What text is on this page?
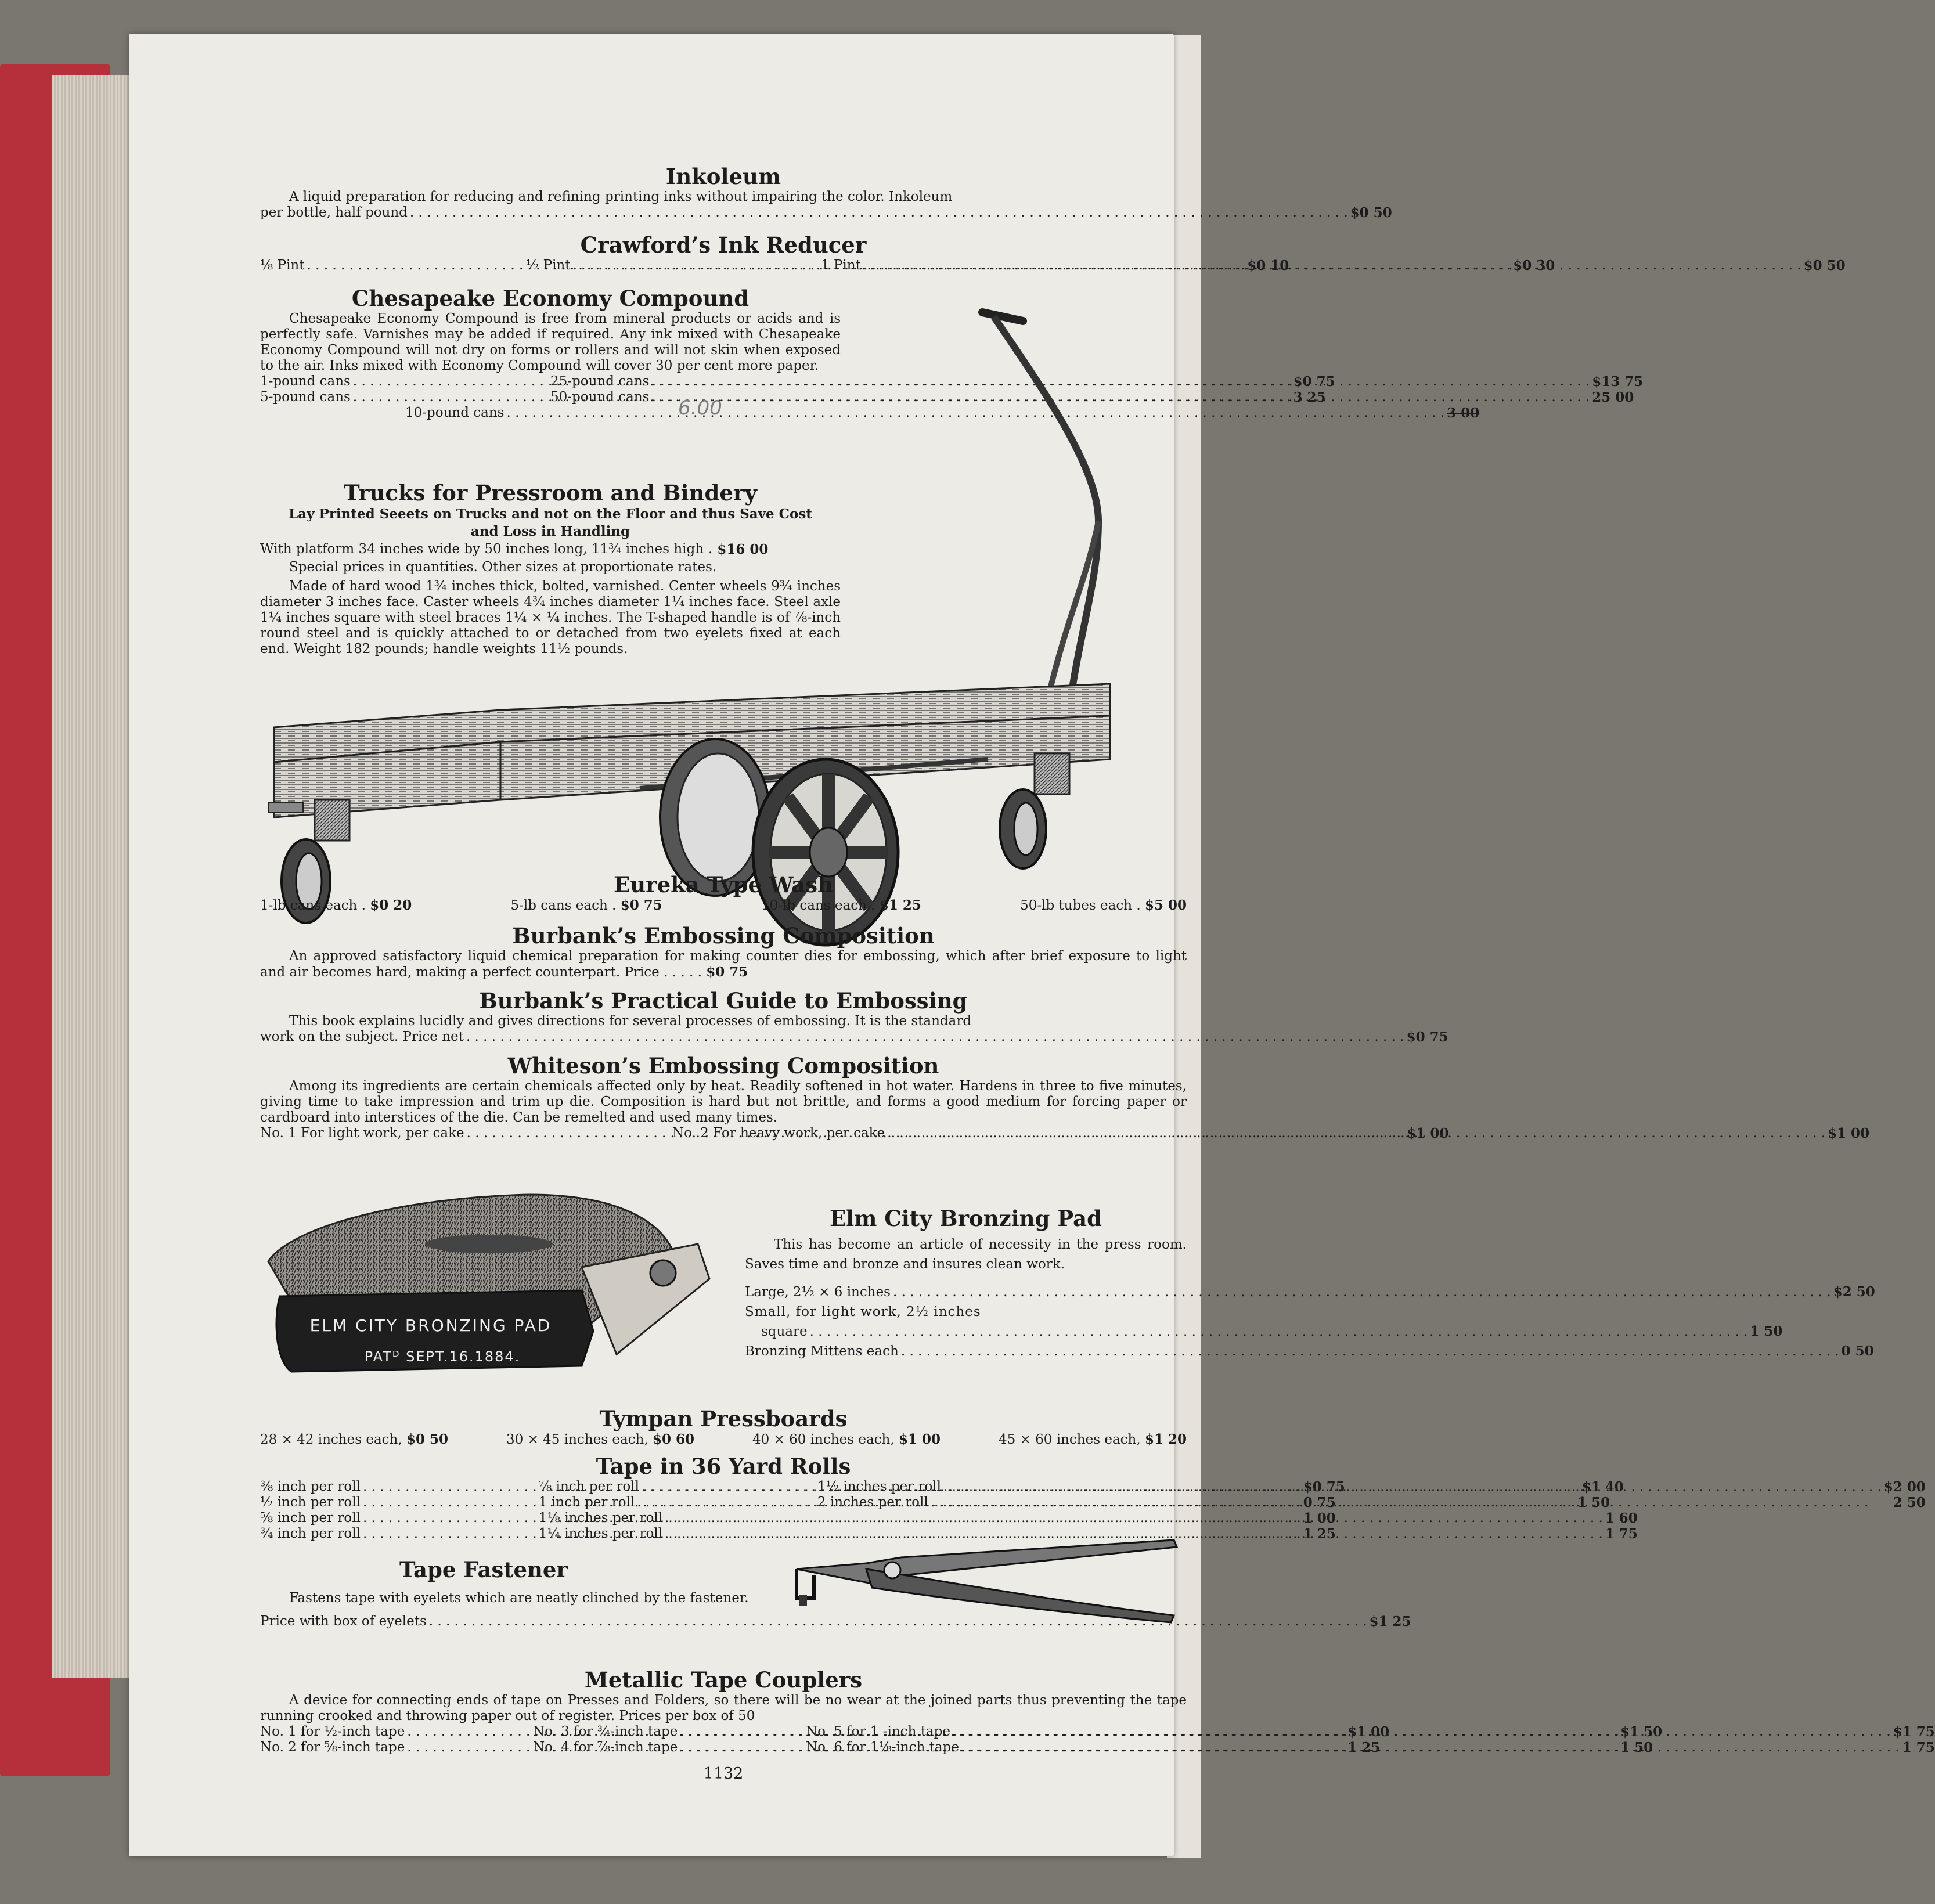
Inkoleum

A liquid preparation for reducing and refining printing inks without impairing the color. Inkoleum

per bottle, half pound . . .	$0 50
Crawford’s Ink Reducer
⅛ Pint . . .	$0 10
½ Pint . . .	$0 30
1 Pint . . .	$0 50
Chesapeake Economy Compound

Chesapeake Economy Compound is free from mineral products or acids and is perfectly safe. Varnishes may be added if required. Any ink mixed with Chesapeake Economy Compound will not dry on forms or rollers and will not skin when exposed to the air. Inks mixed with Economy Compound will cover 30 per cent more paper.

1-pound cans . . .	$0 75
25-pound cans . . .	$13 75
5-pound cans . . .	3 25
50-pound cans . . .	25 00
10-pound cans . . .	3 00
6.00
Trucks for Pressroom and Bindery
Lay Printed Seeets on Trucks and not on the Floor and thus Save Cost
and Loss in Handling
With platform 34 inches wide by 50 inches long, 11¾ inches high . $16 00

Special prices in quantities. Other sizes at proportionate rates.

Made of hard wood 1¾ inches thick, bolted, varnished. Center wheels 9¾ inches diameter 3 inches face. Caster wheels 4¾ inches diameter 1¼ inches face. Steel axle 1¼ inches square with steel braces 1¼ × ¼ inches. The T-shaped handle is of ⅞-inch round steel and is quickly attached to or detached from two eyelets fixed at each end. Weight 182 pounds; handle weights 11½ pounds.

Eureka Type Wash
1-lb cans each . $0 20	5-lb cans each . $0 75	10-lb cans each . $1 25	50-lb tubes each . $5 00
Burbank’s Embossing Composition

An approved satisfactory liquid chemical preparation for making counter dies for embossing, which after brief exposure to light and air becomes hard, making a perfect counterpart. Price . . . . . $0 75

Burbank’s Practical Guide to Embossing

This book explains lucidly and gives directions for several processes of embossing. It is the standard

work on the subject. Price net . . .	$0 75
Whiteson’s Embossing Composition

Among its ingredients are certain chemicals affected only by heat. Readily softened in hot water. Hardens in three to five minutes, giving time to take impression and trim up die. Composition is hard but not brittle, and forms a good medium for forcing paper or cardboard into interstices of the die. Can be remelted and used many times.

No. 1 For light work, per cake . . .	$1 00
No. 2 For heavy work, per cake . . .	$1 00
Elm City Bronzing Pad

This has become an article of necessity in the press room. Saves time and bronze and insures clean work.

Large, 2½ × 6 inches . . .	$2 50
Small, for light work, 2½ inches
square . . .	1 50
Bronzing Mittens each . . .	0 50
ELM CITY BRONZING PAD
PATᴰ SEPT.16.1884.
Tympan Pressboards
28 × 42 inches each, $0 50	30 × 45 inches each, $0 60	40 × 60 inches each, $1 00	45 × 60 inches each, $1 20
Tape in 36 Yard Rolls
⅜ inch per roll . . .	$0 75
½ inch per roll . . .	0 75
⅝ inch per roll . . .	1 00
¾ inch per roll . . .	1 25
⅞ inch per roll . . .	$1 40
1 inch per roll . . .	1 50
1⅛ inches per roll . . .	1 60
1¼ inches per roll . . .	1 75
1½ inches per roll . . .	$2 00
2 inches per roll . . .	2 50
Tape Fastener

Fastens tape with eyelets which are neatly clinched by the fastener.

Price with box of eyelets . . .	$1 25
Metallic Tape Couplers

A device for connecting ends of tape on Presses and Folders, so there will be no wear at the joined parts thus preventing the tape running crooked and throwing paper out of register. Prices per box of 50

No. 1 for ½-inch tape . . .	$1 00
No. 3 for ¾-inch tape . . .	$1 50
No. 5 for 1 -inch tape . . .	$1 75
No. 2 for ⅝-inch tape . . .	1 25
No. 4 for ⅞-inch tape . . .	1 50
No. 6 for 1⅛-inch tape . . .	1 75
1132
